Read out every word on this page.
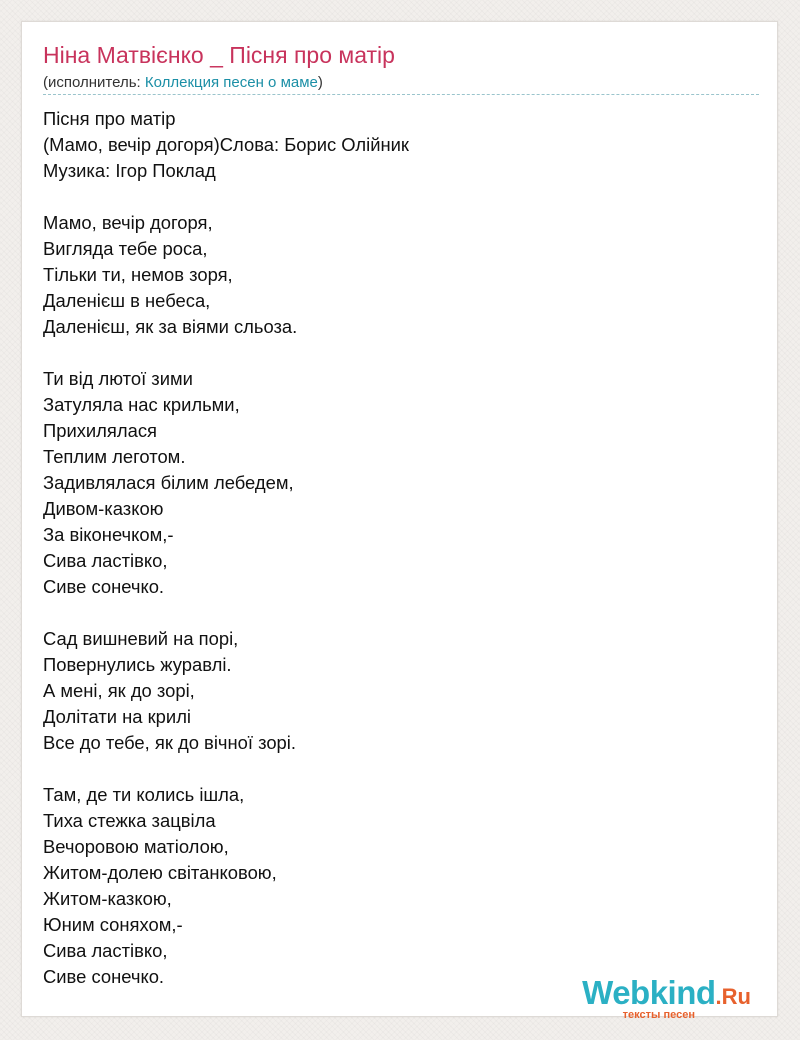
Ніна Матвієнко _ Пісня про матір
(исполнитель: Коллекция песен о маме)
Пісня про матір
(Мамо, вечір догоря)Слова: Борис Олійник
Музика: Ігор Поклад
Мамо, вечір догоря,
Вигляда тебе роса,
Тільки ти, немов зоря,
Даленієш в небеса,
Даленієш, як за віями сльоза.
Ти від лютої зими
Затуляла нас крильми,
Прихилялася
Теплим леготом.
Задивлялася білим лебедем,
Дивом-казкою
За віконечком,-
Сива ластівко,
Сиве сонечко.
Сад вишневий на порі,
Повернулись журавлі.
А мені, як до зорі,
Долітати на крилі
Все до тебе, як до вічної зорі.
Там, де ти колись ішла,
Тиха стежка зацвіла
Вечоровою матіолою,
Житом-долею світанковою,
Житом-казкою,
Юним соняхом,-
Сива ластівко,
Сиве сонечко.	Webkind.Ru
тексты песен
